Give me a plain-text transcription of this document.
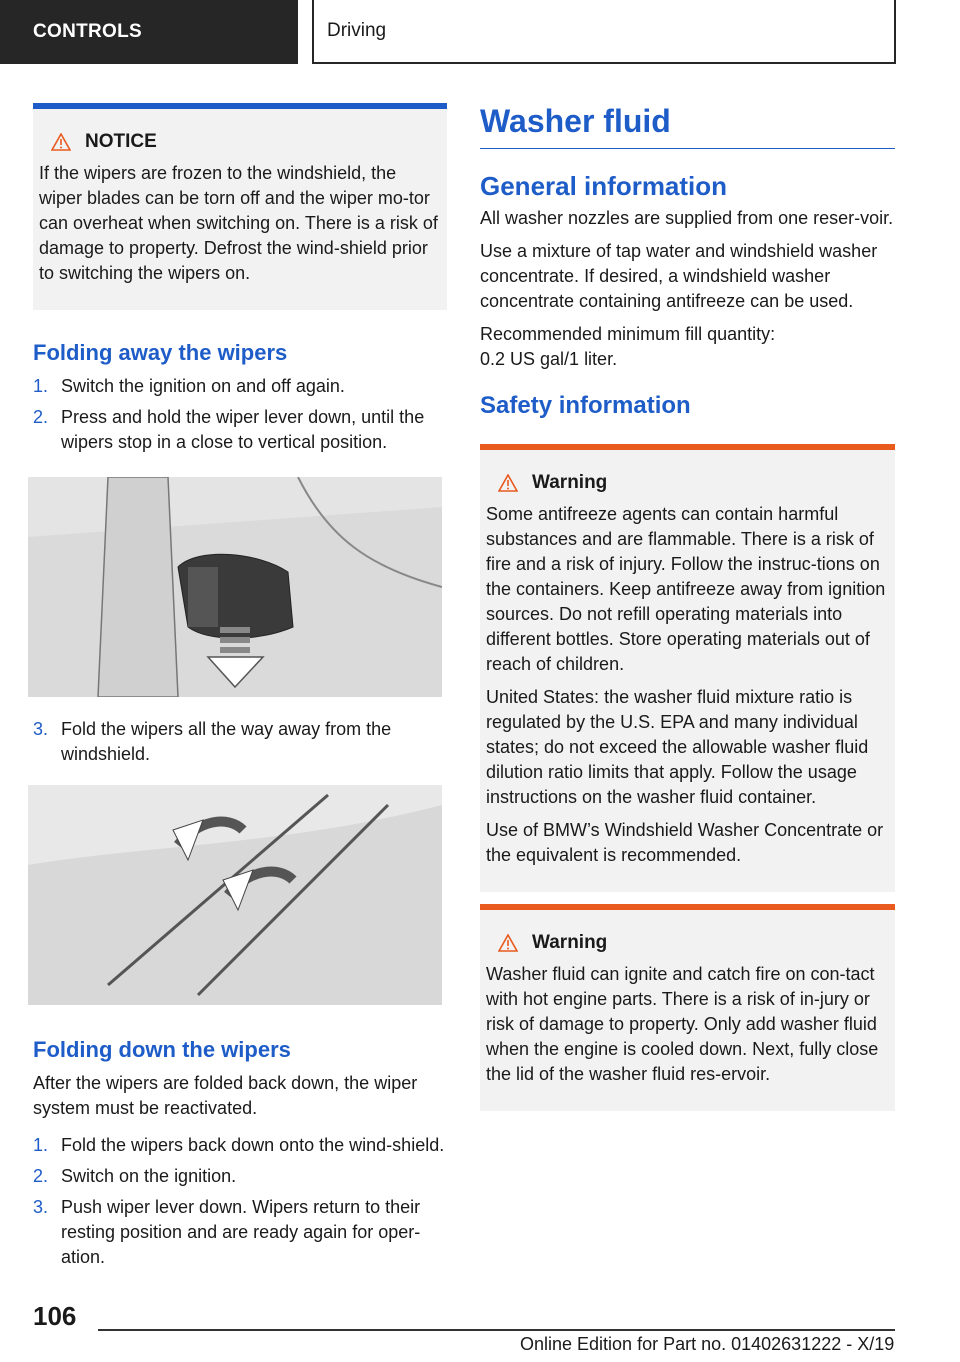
CONTROLS	Driving
NOTICE

If the wipers are frozen to the windshield, the wiper blades can be torn off and the wiper mo-tor can overheat when switching on. There is a risk of damage to property. Defrost the wind-shield prior to switching the wipers on.

Folding away the wipers
1. Switch the ignition on and off again.
2. Press and hold the wiper lever down, until the wipers stop in a close to vertical position.
3. Fold the wipers all the way away from the windshield.
Folding down the wipers

After the wipers are folded back down, the wiper system must be reactivated.

1. Fold the wipers back down onto the wind-shield.
2. Switch on the ignition.
3. Push wiper lever down. Wipers return to their resting position and are ready again for oper-ation.
Washer fluid
General information

All washer nozzles are supplied from one reser-voir.

Use a mixture of tap water and windshield washer concentrate. If desired, a windshield washer concentrate containing antifreeze can be used.

Recommended minimum fill quantity:

0.2 US gal/1 liter.

Safety information
Warning

Some antifreeze agents can contain harmful substances and are flammable. There is a risk of fire and a risk of injury. Follow the instruc-tions on the containers. Keep antifreeze away from ignition sources. Do not refill operating materials into different bottles. Store operating materials out of reach of children.

United States: the washer fluid mixture ratio is regulated by the U.S. EPA and many individual states; do not exceed the allowable washer fluid dilution ratio limits that apply. Follow the usage instructions on the washer fluid container.

Use of BMW’s Windshield Washer Concentrate or the equivalent is recommended.

Warning

Washer fluid can ignite and catch fire on con-tact with hot engine parts. There is a risk of in-jury or risk of damage to property. Only add washer fluid when the engine is cooled down. Next, fully close the lid of the washer fluid res-ervoir.

106
Online Edition for Part no. 01402631222 - X/19
